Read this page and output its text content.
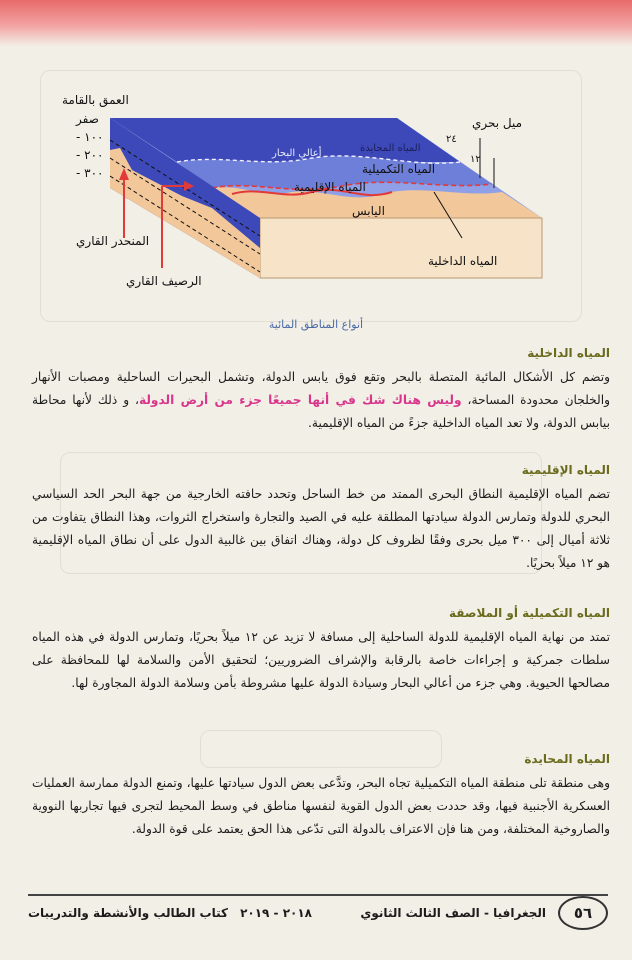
العمق بالقامة
صفر
١٠٠ -
٢٠٠ -
٣٠٠ -
أعالي البحار	المياه المحايدة
المياه التكميلية
المياه الإقليمية
اليابس
المياه الداخلية
المنحدر القاري
الرصيف القاري
ميل بحري
٢٤
١٢
أنواع المناطق المائية
المياه الداخلية

وتضم كل الأشكال المائية المتصلة بالبحر وتقع فوق يابس الدولة، وتشمل البحيرات الساحلية ومصبات الأنهار والخلجان محدودة المساحة، وليس هناك شك في أنها جميعًا جزء من أرض الدولة، و ذلك لأنها محاطة بيابس الدولة، ولا تعد المياه الداخلية جزءً من المياه الإقليمية.

المياه الإقليمية

تضم المياه الإقليمية النطاق البحرى الممتد من خط الساحل وتحدد حافته الخارجية من جهة البحر الحد السياسي البحري للدولة وتمارس الدولة سيادتها المطلقة عليه في الصيد والتجارة واستخراج الثروات، وهذا النطاق يتفاوت من ثلاثة أميال إلى ٣٠٠ ميل بحرى وفقًا لظروف كل دولة، وهناك اتفاق بين غالبية الدول على أن نطاق المياه الإقليمية هو ١٢ ميلاً بحريًا.

المياه التكميلية أو الملاصقة

تمتد من نهاية المياه الإقليمية للدولة الساحلية إلى مسافة لا تزيد عن ١٢ ميلاً بحريًا، وتمارس الدولة في هذه المياه سلطات جمركية و إجراءات خاصة بالرقابة والإشراف الضروريين؛ لتحقيق الأمن والسلامة لها للمحافظة على مصالحها الحيوية. وهي جزء من أعالي البحار وسيادة الدولة عليها مشروطة بأمن وسلامة الدولة المجاورة لها.

المياه المحايدة

وهى منطقة تلى منطقة المياه التكميلية تجاه البحر، وتدَّعى بعض الدول سيادتها عليها، وتمنع الدولة ممارسة العمليات العسكرية الأجنبية فيها، وقد حددت بعض الدول القوية لنفسها مناطق في وسط المحيط لتجرى فيها تجاربها النووية والصاروخية المختلفة، ومن هنا فإن الاعتراف بالدولة التى تدّعى هذا الحق يعتمد على قوة الدولة.

٥٦
الجغرافيا - الصف الثالث الثانوي
٢٠١٨ - ٢٠١٩
كتاب الطالب والأنشطة والتدريبات
